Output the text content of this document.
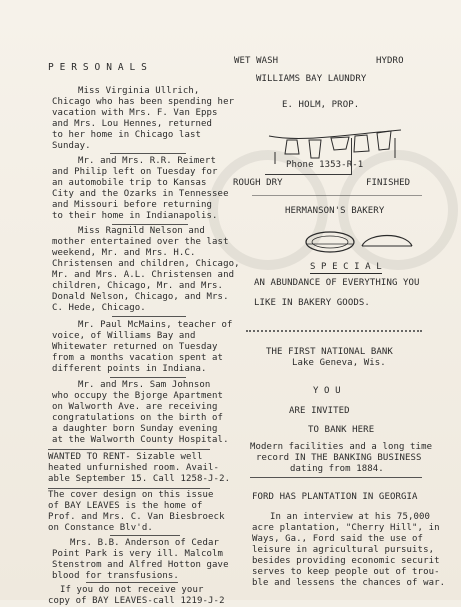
P E R S O N A L S
Miss Virginia Ullrich,
Chicago who has been spending her
vacation with Mrs. F. Van Epps
and Mrs. Lou Hennes, returned
to her home in Chicago last
Sunday.
Mr. and Mrs. R.R. Reimert
and Philip left on Tuesday for
an automobile trip to Kansas
City and the Ozarks in Tennessee
and Missouri before returning
to their home in Indianapolis.
Miss Ragnild Nelson and
mother entertained over the last
weekend, Mr. and Mrs. H.C.
Christensen and children, Chicago,
Mr. and Mrs. A.L. Christensen and
children, Chicago, Mr. and Mrs.
Donald Nelson, Chicago, and Mrs.
C. Hede, Chicago.
Mr. Paul McMains, teacher of
voice, of Williams Bay and
Whitewater returned on Tuesday
from a months vacation spent at
different points in Indiana.
Mr. and Mrs. Sam Johnson
who occupy the Bjorge Apartment
on Walworth Ave. are receiving
congratulations on the birth of
a daughter born Sunday evening
at the Walworth County Hospital.
WANTED TO RENT- Sizable well
heated unfurnished room. Avail-
able September 15. Call 1258-J-2.
The cover design on this issue
of BAY LEAVES is the home of
Prof. and Mrs. C. Van Biesbroeck
on Constance Blv'd.
Mrs. B.B. Anderson of Cedar
Point Park is very ill. Malcolm
Stenstrom and Alfred Hotton gave
blood for transfusions.
If you do not receive your
copy of BAY LEAVES-call 1219-J-2
WET WASH	HYDRO
WILLIAMS BAY LAUNDRY
E. HOLM, PROP.
Phone 1353-R-1
ROUGH DRY	FINISHED
HERMANSON'S BAKERY
S P E C I A L
AN ABUNDANCE OF EVERYTHING YOU
LIKE IN BAKERY GOODS.
THE FIRST NATIONAL BANK
Lake Geneva, Wis.
Y O U
ARE INVITED
TO BANK HERE
Modern facilities and a long time
record IN THE BANKING BUSINESS
dating from 1884.
FORD HAS PLANTATION IN GEORGIA
In an interview at his 75,000
acre plantation, "Cherry Hill", in
Ways, Ga., Ford said the use of
leisure in agricultural pursuits,
besides providing economic securit
serves to keep people out of trou-
ble and lessens the chances of war.
